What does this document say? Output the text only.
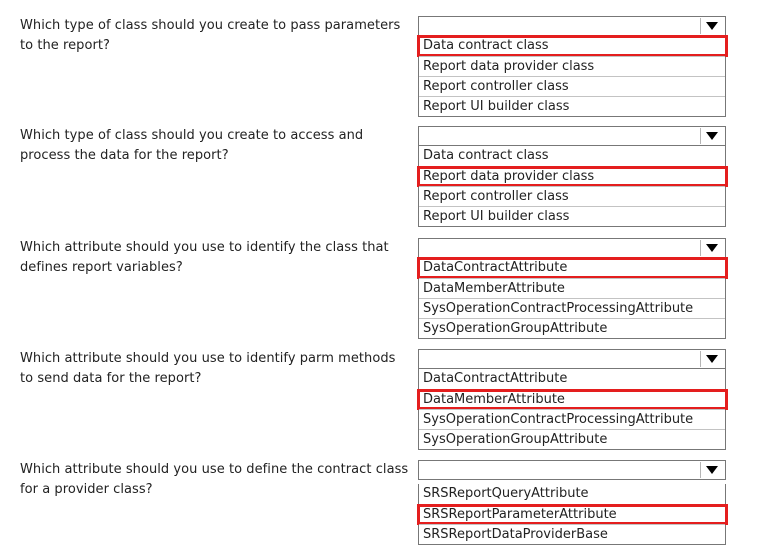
Which type of class should you create to pass parameters to the report?	Data contract class
Report data provider class
Report controller class
Report UI builder class
Which type of class should you create to access and process the data for the report?	Data contract class
Report data provider class
Report controller class
Report UI builder class
Which attribute should you use to identify the class that defines report variables?	DataContractAttribute
DataMemberAttribute
SysOperationContractProcessingAttribute
SysOperationGroupAttribute
Which attribute should you use to identify parm methods to send data for the report?	DataContractAttribute
DataMemberAttribute
SysOperationContractProcessingAttribute
SysOperationGroupAttribute
Which attribute should you use to define the contract class for a provider class?	SRSReportQueryAttribute
SRSReportParameterAttribute
SRSReportDataProviderBase
